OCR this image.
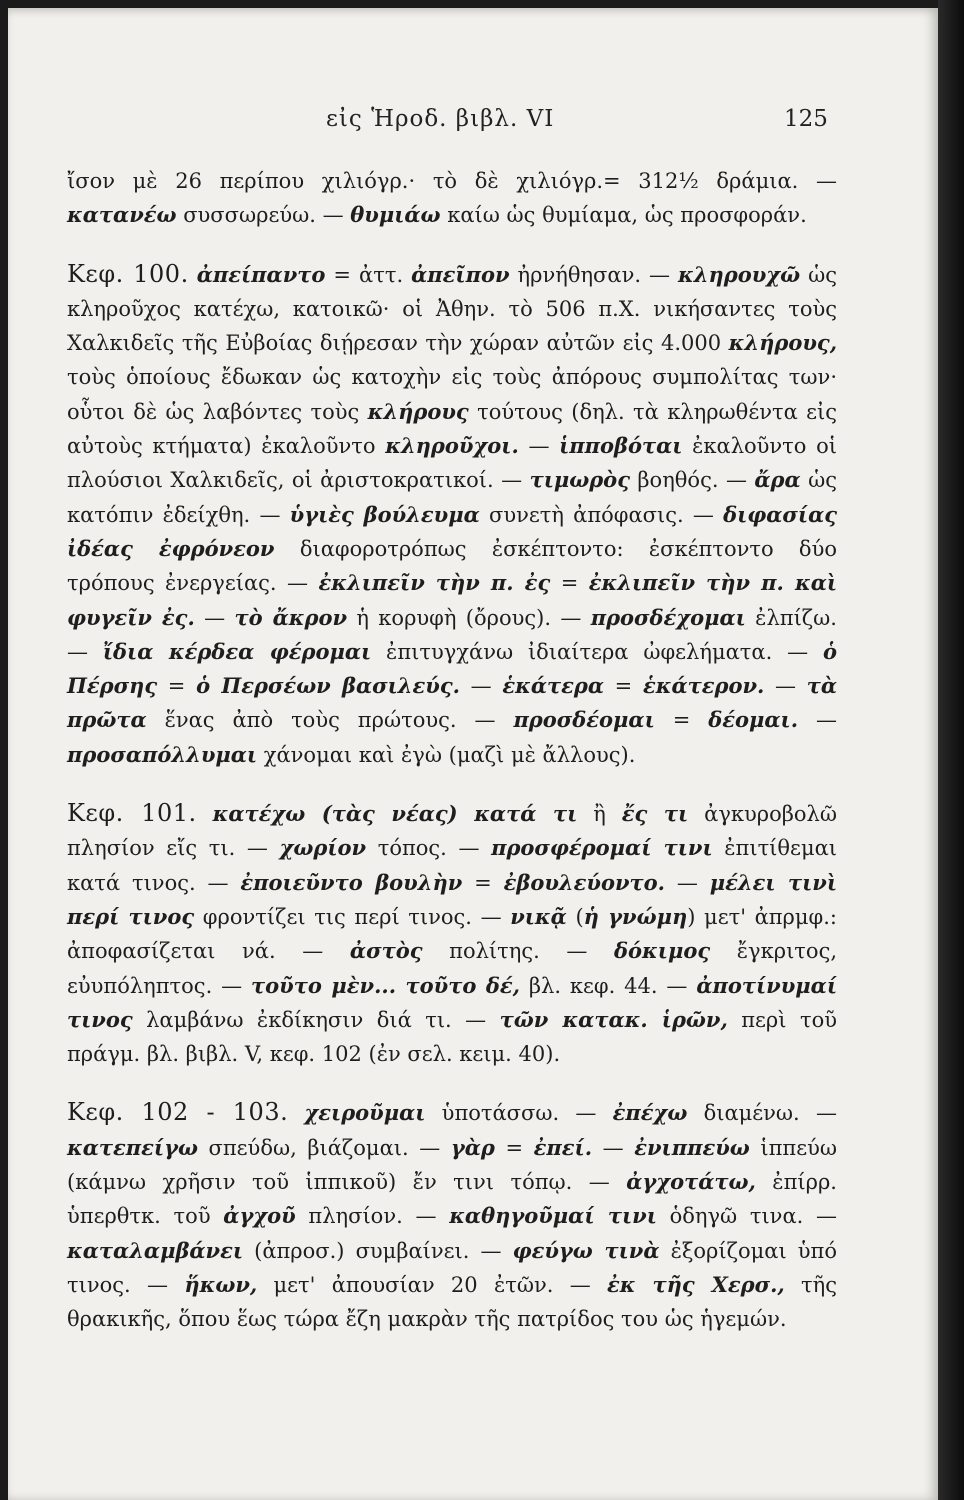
εἰς Ἡροδ. βιβλ. VI	125

ἴσον μὲ 26 περίπου χιλιόγρ.· τὸ δὲ χιλιόγρ.= 312½ δράμια. — κατανέω συσσωρεύω. — θυμιάω καίω ὡς θυμίαμα, ὡς προσφοράν.

Κεφ. 100. ἀπείπαντο = ἀττ. ἀπεῖπον ἠρνήθησαν. — κληρουχῶ ὡς κληροῦχος κατέχω, κατοικῶ· οἱ Ἀθην. τὸ 506 π.Χ. νικήσαντες τοὺς Χαλκιδεῖς τῆς Εὐβοίας διῄρεσαν τὴν χώραν αὐτῶν εἰς 4.000 κλήρους, τοὺς ὁποίους ἔδωκαν ὡς κατοχὴν εἰς τοὺς ἀπόρους συμπολίτας των· οὗτοι δὲ ὡς λαβόντες τοὺς κλήρους τούτους (δηλ. τὰ κληρωθέντα εἰς αὐτοὺς κτήματα) ἐκαλοῦντο κληροῦχοι. — ἱπποβόται ἐκαλοῦντο οἱ πλούσιοι Χαλκιδεῖς, οἱ ἀριστοκρατικοί. — τιμωρὸς βοηθός. — ἄρα ὡς κατόπιν ἐδείχθη. — ὑγιὲς βούλευμα συνετὴ ἀπόφασις. — διφασίας ἰδέας ἐφρόνεον διαφοροτρόπως ἐσκέπτοντο: ἐσκέπτοντο δύο τρόπους ἐνεργείας. — ἐκλιπεῖν τὴν π. ἐς = ἐκλιπεῖν τὴν π. καὶ φυγεῖν ἐς. — τὸ ἄκρον ἡ κορυφὴ (ὄρους). — προσδέχομαι ἐλπίζω. — ἴδια κέρδεα φέρομαι ἐπιτυγχάνω ἰδιαίτερα ὠφελήματα. — ὁ Πέρσης = ὁ Περσέων βασιλεύς. — ἑκάτερα = ἑκάτερον. — τὰ πρῶτα ἕνας ἀπὸ τοὺς πρώτους. — προσδέομαι = δέομαι. — προσαπόλλυμαι χάνομαι καὶ ἐγὼ (μαζὶ μὲ ἄλλους).

Κεφ. 101. κατέχω (τὰς νέας) κατά τι ἢ ἔς τι ἀγκυροβολῶ πλησίον εἴς τι. — χωρίον τόπος. — προσφέρομαί τινι ἐπιτίθεμαι κατά τινος. — ἐποιεῦντο βουλὴν = ἐβουλεύοντο. — μέλει τινὶ περί τινος φροντίζει τις περί τινος. — νικᾷ (ἡ γνώμη) μετ' ἀπρμφ.: ἀποφασίζεται νά. — ἀστὸς πολίτης. — δόκιμος ἔγκριτος, εὐυπόληπτος. — τοῦτο μὲν... τοῦτο δέ, βλ. κεφ. 44. — ἀποτίνυμαί τινος λαμβάνω ἐκδίκησιν διά τι. — τῶν κατακ. ἱρῶν, περὶ τοῦ πράγμ. βλ. βιβλ. V, κεφ. 102 (ἐν σελ. κειμ. 40).

Κεφ. 102 - 103. χειροῦμαι ὑποτάσσω. — ἐπέχω διαμένω. — κατεπείγω σπεύδω, βιάζομαι. — γὰρ = ἐπεί. — ἐνιππεύω ἱππεύω (κάμνω χρῆσιν τοῦ ἱππικοῦ) ἔν τινι τόπῳ. — ἀγχοτάτω, ἐπίρρ. ὑπερθτκ. τοῦ ἀγχοῦ πλησίον. — καθηγοῦμαί τινι ὁδηγῶ τινα. — καταλαμβάνει (ἀπροσ.) συμβαίνει. — φεύγω τινὰ ἐξορίζομαι ὑπό τινος. — ἥκων, μετ' ἀπουσίαν 20 ἐτῶν. — ἐκ τῆς Χερσ., τῆς θρακικῆς, ὅπου ἕως τώρα ἔζη μακρὰν τῆς πατρίδος του ὡς ἡγεμών.
